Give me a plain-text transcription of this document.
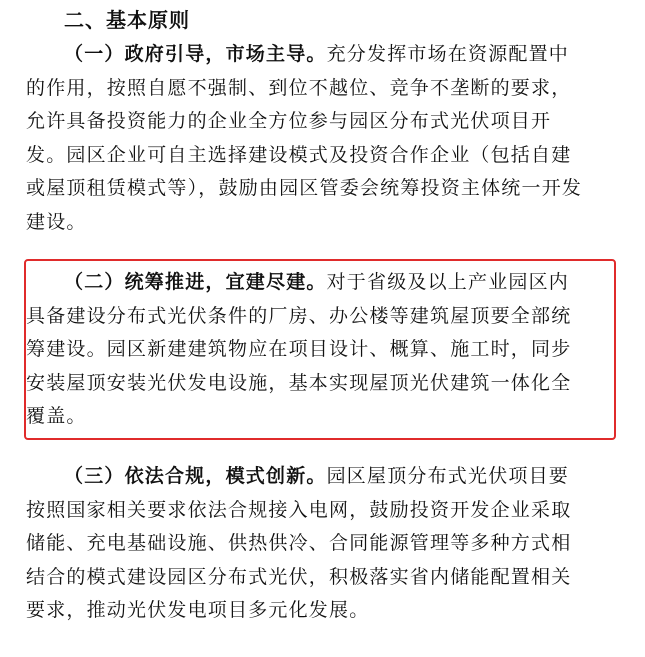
二、基本原则
（一）政府引导，市场主导。充分发挥市场在资源配置中
的作用，按照自愿不强制、到位不越位、竞争不垄断的要求，
允许具备投资能力的企业全方位参与园区分布式光伏项目开
发。园区企业可自主选择建设模式及投资合作企业（包括自建
或屋顶租赁模式等），鼓励由园区管委会统筹投资主体统一开发
建设。
（二）统筹推进，宜建尽建。对于省级及以上产业园区内
具备建设分布式光伏条件的厂房、办公楼等建筑屋顶要全部统
筹建设。园区新建建筑物应在项目设计、概算、施工时，同步
安装屋顶安装光伏发电设施，基本实现屋顶光伏建筑一体化全
覆盖。
（三）依法合规，模式创新。园区屋顶分布式光伏项目要
按照国家相关要求依法合规接入电网，鼓励投资开发企业采取
储能、充电基础设施、供热供冷、合同能源管理等多种方式相
结合的模式建设园区分布式光伏，积极落实省内储能配置相关
要求，推动光伏发电项目多元化发展。
